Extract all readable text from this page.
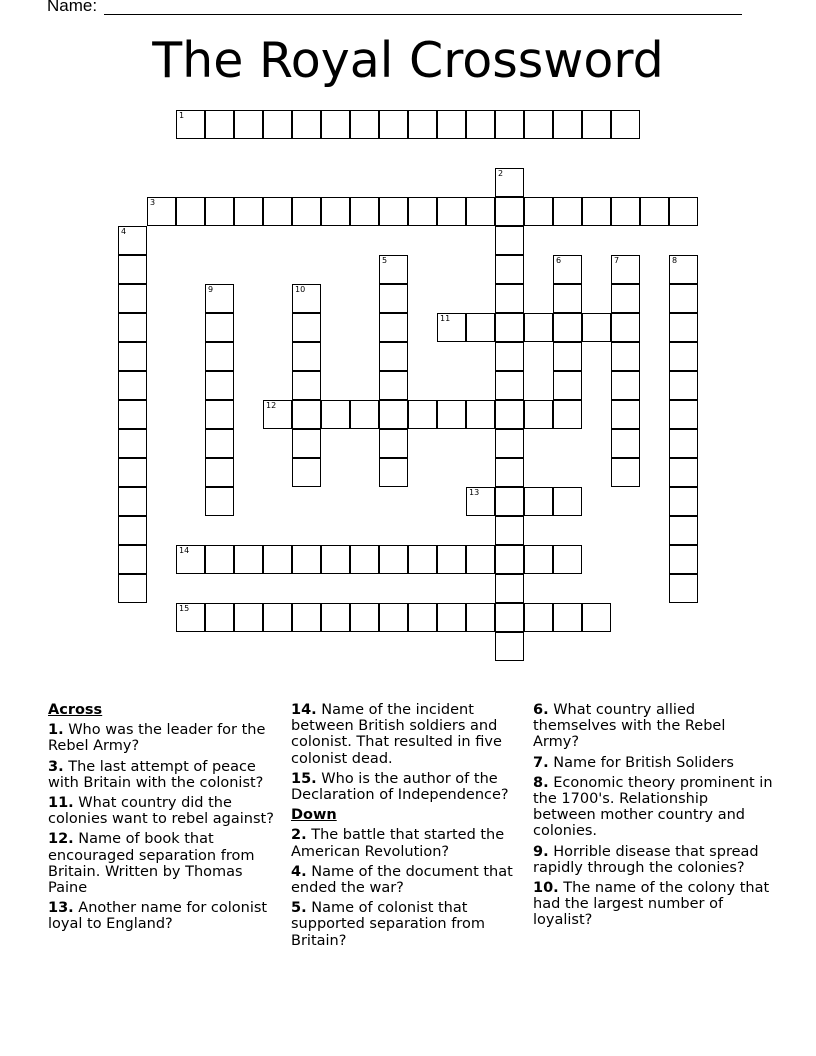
Name:
The Royal Crossword
1
2
3
4
5	6	7	8
9	10
11
12
13
14
15
Across
1. Who was the leader for the Rebel Army?
3. The last attempt of peace with Britain with the colonist?
11. What country did the colonies want to rebel against?
12. Name of book that encouraged separation from Britain. Written by Thomas Paine
13. Another name for colonist loyal to England?
14. Name of the incident between British soldiers and colonist. That resulted in five colonist dead.
15. Who is the author of the Declaration of Independence?
Down
2. The battle that started the American Revolution?
4. Name of the document that ended the war?
5. Name of colonist that supported separation from Britain?
6. What country allied themselves with the Rebel Army?
7. Name for British Soliders
8. Economic theory prominent in the 1700's. Relationship between mother country and colonies.
9. Horrible disease that spread rapidly through the colonies?
10. The name of the colony that had the largest number of loyalist?
